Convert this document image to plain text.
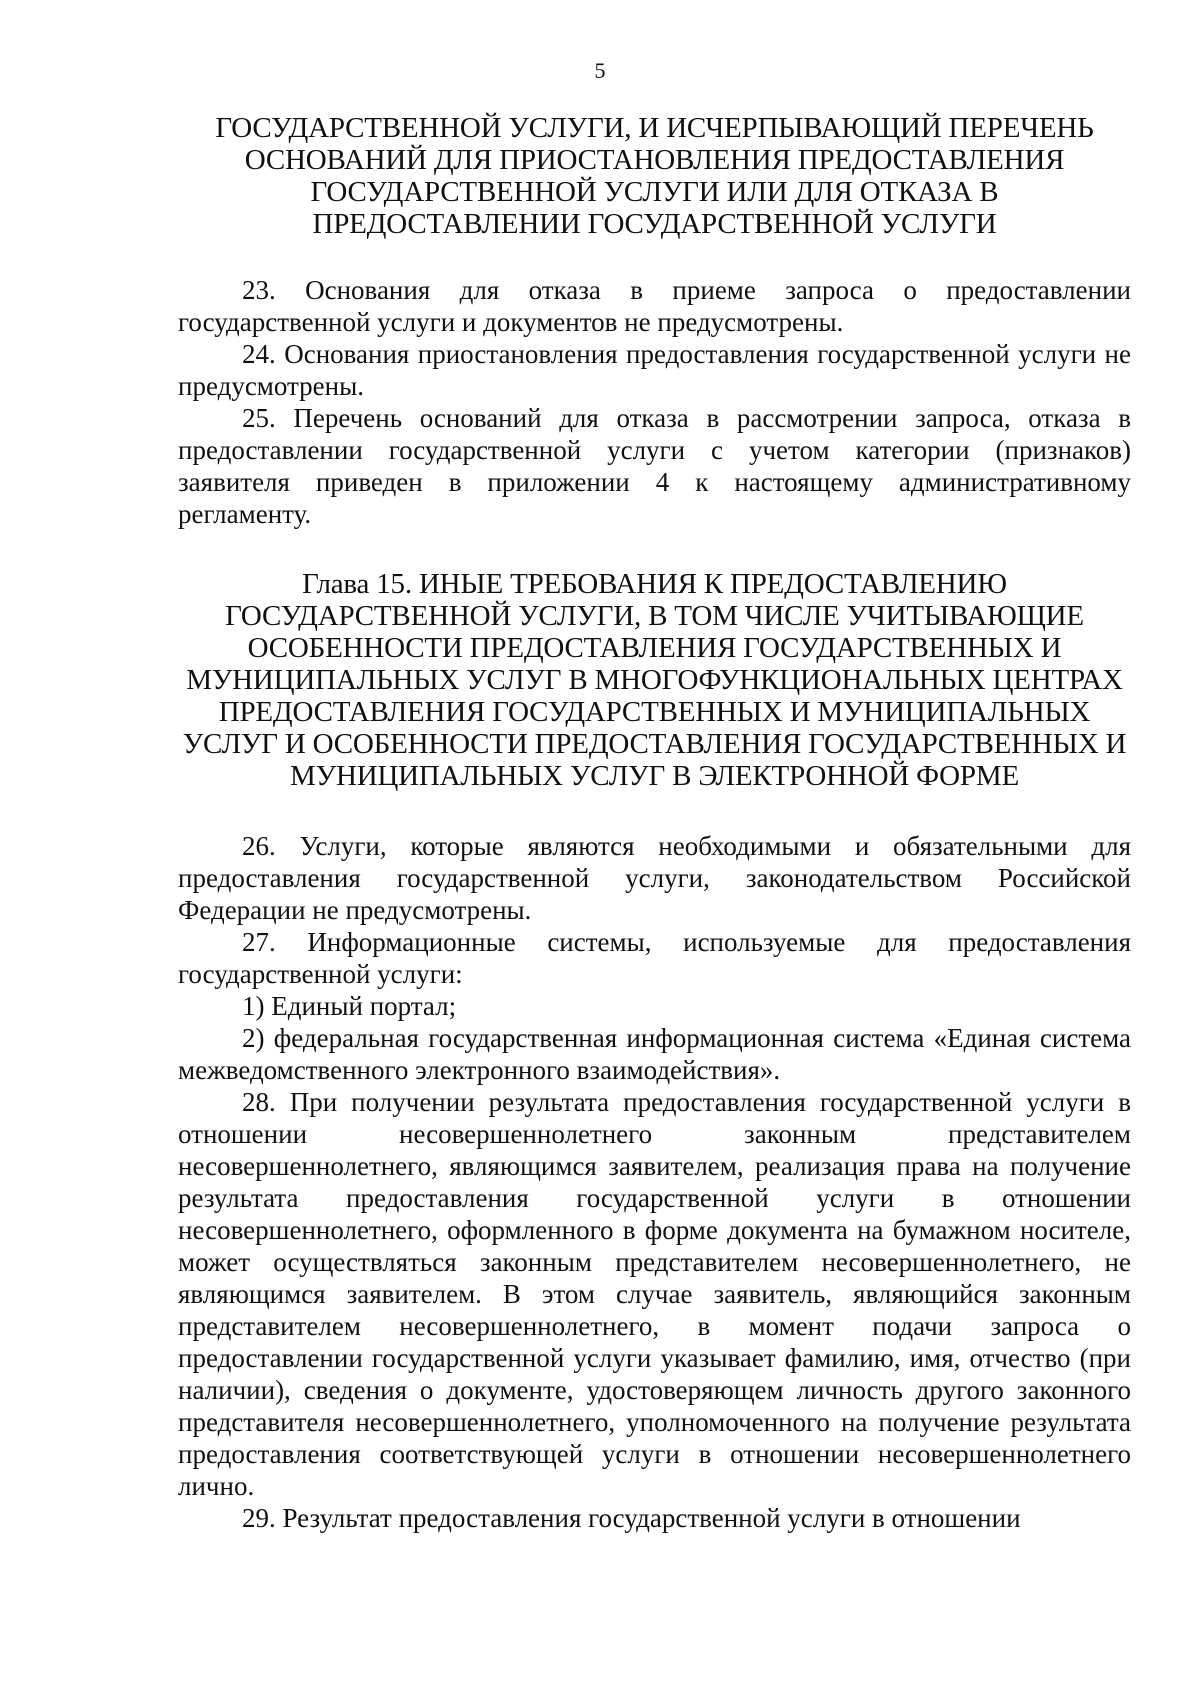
5
ГОСУДАРСТВЕННОЙ УСЛУГИ, И ИСЧЕРПЫВАЮЩИЙ ПЕРЕЧЕНЬ
ОСНОВАНИЙ ДЛЯ ПРИОСТАНОВЛЕНИЯ ПРЕДОСТАВЛЕНИЯ
ГОСУДАРСТВЕННОЙ УСЛУГИ ИЛИ ДЛЯ ОТКАЗА В
ПРЕДОСТАВЛЕНИИ ГОСУДАРСТВЕННОЙ УСЛУГИ

23. Основания для отказа в приеме запроса о предоставлении государственной услуги и документов не предусмотрены.

24. Основания приостановления предоставления государственной услуги не предусмотрены.

25. Перечень оснований для отказа в рассмотрении запроса, отказа в предоставлении государственной услуги с учетом категории (признаков) заявителя приведен в приложении 4 к настоящему административному регламенту.

Глава 15. ИНЫЕ ТРЕБОВАНИЯ К ПРЕДОСТАВЛЕНИЮ
ГОСУДАРСТВЕННОЙ УСЛУГИ, В ТОМ ЧИСЛЕ УЧИТЫВАЮЩИЕ
ОСОБЕННОСТИ ПРЕДОСТАВЛЕНИЯ ГОСУДАРСТВЕННЫХ И
МУНИЦИПАЛЬНЫХ УСЛУГ В МНОГОФУНКЦИОНАЛЬНЫХ ЦЕНТРАХ
ПРЕДОСТАВЛЕНИЯ ГОСУДАРСТВЕННЫХ И МУНИЦИПАЛЬНЫХ
УСЛУГ И ОСОБЕННОСТИ ПРЕДОСТАВЛЕНИЯ ГОСУДАРСТВЕННЫХ И
МУНИЦИПАЛЬНЫХ УСЛУГ В ЭЛЕКТРОННОЙ ФОРМЕ

26. Услуги, которые являются необходимыми и обязательными для предоставления государственной услуги, законодательством Российской Федерации не предусмотрены.

27. Информационные системы, используемые для предоставления государственной услуги:

1) Единый портал;

2) федеральная государственная информационная система «Единая система межведомственного электронного взаимодействия».

28. При получении результата предоставления государственной услуги в отношении несовершеннолетнего законным представителем несовершеннолетнего, являющимся заявителем, реализация права на получение результата предоставления государственной услуги в отношении несовершеннолетнего, оформленного в форме документа на бумажном носителе, может осуществляться законным представителем несовершеннолетнего, не являющимся заявителем. В этом случае заявитель, являющийся законным представителем несовершеннолетнего, в момент подачи запроса о предоставлении государственной услуги указывает фамилию, имя, отчество (при наличии), сведения о документе, удостоверяющем личность другого законного представителя несовершеннолетнего, уполномоченного на получение результата предоставления соответствующей услуги в отношении несовершеннолетнего лично.

29. Результат предоставления государственной услуги в отношении
